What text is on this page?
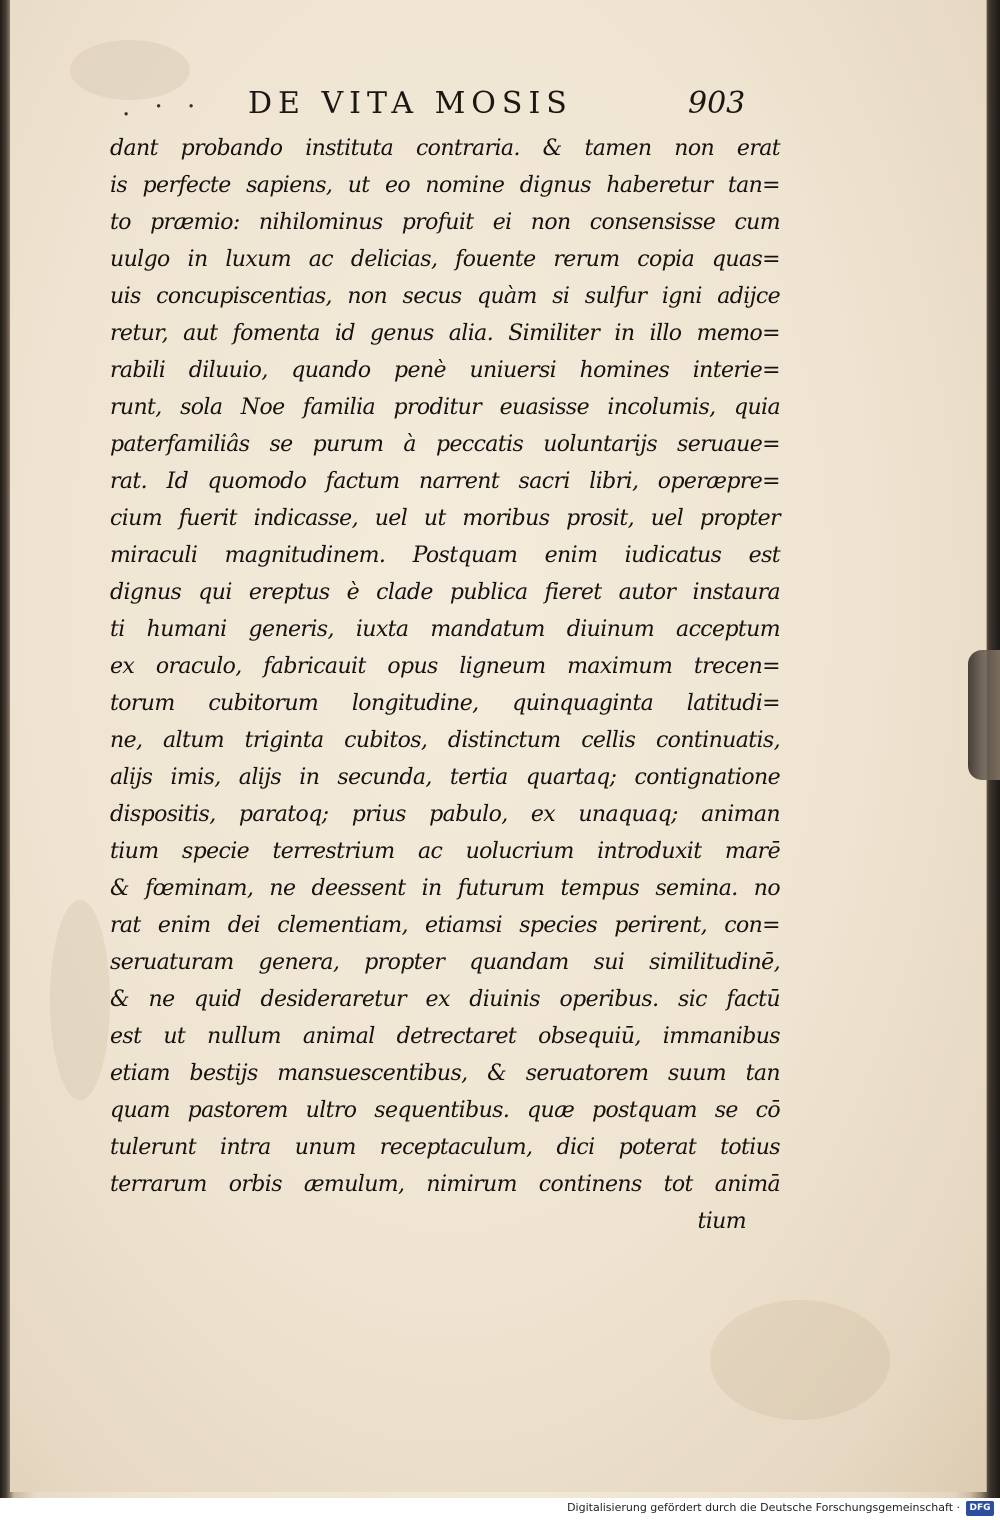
. · · DE VITA MOSIS	903
dant probando instituta contraria. & tamen non erat
is perfecte sapiens, ut eo nomine dignus haberetur tan=
to præmio: nihilominus profuit ei non consensisse cum
uulgo in luxum ac delicias, fouente rerum copia quas=
uis concupiscentias, non secus quàm si sulfur igni adijce
retur, aut fomenta id genus alia. Similiter in illo memo=
rabili diluuio, quando penè uniuersi homines interie=
runt, sola Noe familia proditur euasisse incolumis, quia
paterfamiliâs se purum à peccatis uoluntarijs seruaue=
rat. Id quomodo factum narrent sacri libri, operæpre=
cium fuerit indicasse, uel ut moribus prosit, uel propter
miraculi magnitudinem. Postquam enim iudicatus est
dignus qui ereptus è clade publica fieret autor instaura
ti humani generis, iuxta mandatum diuinum acceptum
ex oraculo, fabricauit opus ligneum maximum trecen=
torum cubitorum longitudine, quinquaginta latitudi=
ne, altum triginta cubitos, distinctum cellis continuatis,
alijs imis, alijs in secunda, tertia quartaq; contignatione
dispositis, paratoq; prius pabulo, ex unaquaq; animan
tium specie terrestrium ac uolucrium introduxit marē
& fœminam, ne deessent in futurum tempus semina. no
rat enim dei clementiam, etiamsi species perirent, con=
seruaturam genera, propter quandam sui similitudinē,
& ne quid desideraretur ex diuinis operibus. sic factū
est ut nullum animal detrectaret obsequiū, immanibus
etiam bestijs mansuescentibus, & seruatorem suum tan
quam pastorem ultro sequentibus. quæ postquam se cō
tulerunt intra unum receptaculum, dici poterat totius
terrarum orbis æmulum, nimirum continens tot animā
tium
Digitalisierung gefördert durch die Deutsche Forschungsgemeinschaft ·	DFG
